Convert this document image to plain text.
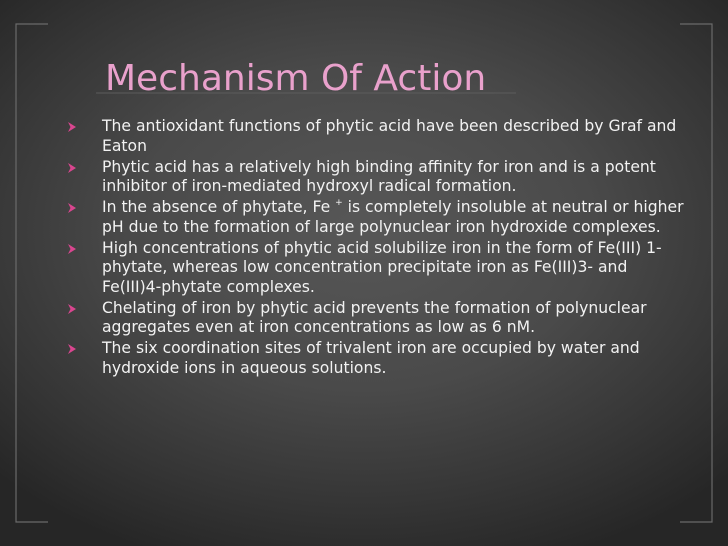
Mechanism Of Action
The antioxidant functions of phytic acid have been described by Graf and Eaton
Phytic acid has a relatively high binding affinity for iron and is a potent inhibitor of iron-mediated hydroxyl radical formation.
In the absence of phytate, Fe + is completely insoluble at neutral or higher pH due to the formation of large polynuclear iron hydroxide complexes.
High concentrations of phytic acid solubilize iron in the form of Fe(III) 1-phytate, whereas low concentration precipitate iron as Fe(III)3- and Fe(III)4-phytate complexes.
Chelating of iron by phytic acid prevents the formation of polynuclear aggregates even at iron concentrations as low as 6 nM.
The six coordination sites of trivalent iron are occupied by water and hydroxide ions in aqueous solutions.
